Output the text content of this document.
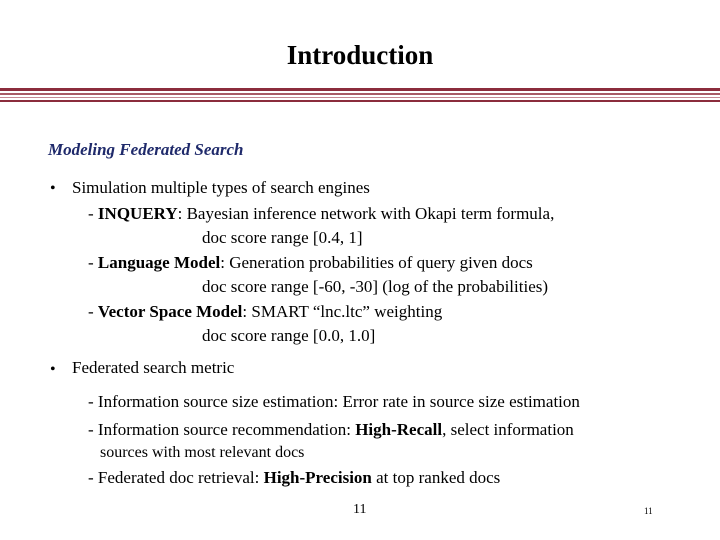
Introduction
Modeling Federated Search
• Simulation multiple types of search engines
- INQUERY: Bayesian inference network with Okapi term formula,
doc score range [0.4, 1]
- Language Model: Generation probabilities of query given docs
doc score range [-60, -30] (log of the probabilities)
- Vector Space Model: SMART “lnc.ltc” weighting
doc score range [0.0, 1.0]
• Federated search metric
- Information source size estimation: Error rate in source size estimation
- Information source recommendation: High-Recall, select information
sources with most relevant docs
- Federated doc retrieval: High-Precision at top ranked docs
11	11
